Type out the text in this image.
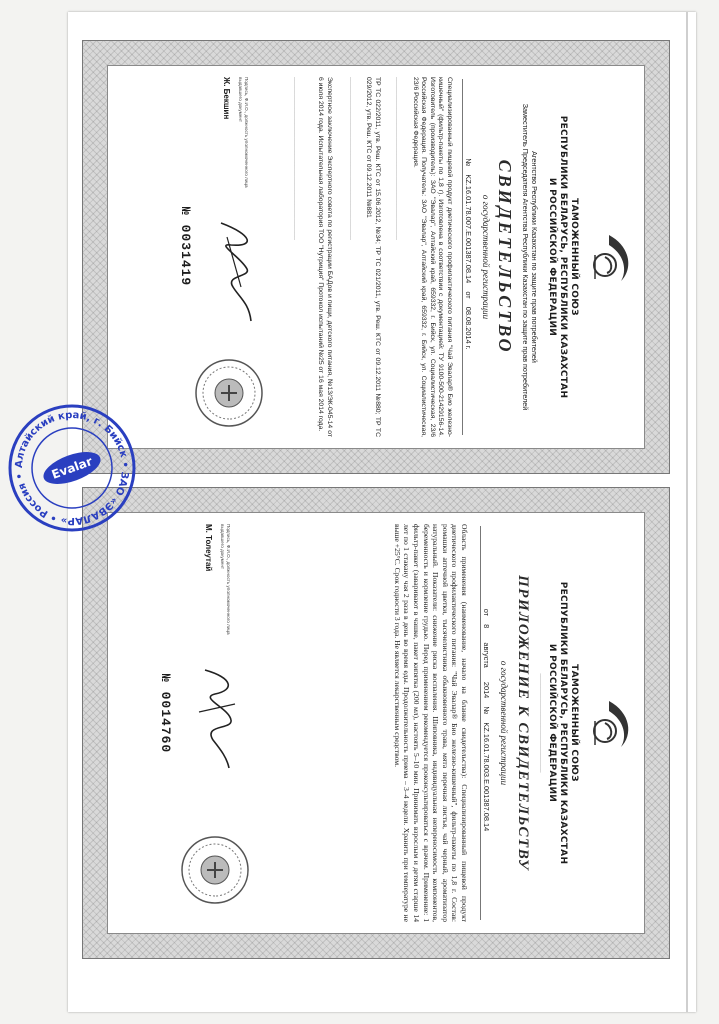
ТАМОЖЕННЫЙ СОЮЗ
РЕСПУБЛИКИ БЕЛАРУСЬ, РЕСПУБЛИКИ КАЗАХСТАН
И РОССИЙСКОЙ ФЕДЕРАЦИИ
Агентство Республики Казахстан по защите прав потребителей
Заместитель Председателя Агентства Республики Казахстан по защите прав потребителей
СВИДЕТЕЛЬСТВО
о государственной регистрации
№ KZ.16.01.78.007.E.001387.08.14 от 08.08.2014 г.
Специализированный пищевой продукт диетического профилактического питания "Чай Эвалар® Био железно-кишечный" (фильтр-пакеты по 1,8 г). Изготовлена в соответствии с документацией: ТУ 9100-500-21429156-14. Изготовитель (производитель): ЗАО "Эвалар", Алтайский край, 659332, г. Бийск, ул. Социалистическая, 23/6 Российская Федерация. Получатель: ЗАО "Эвалар", Алтайский край, 659332, г. Бийск, ул. Социалистическая, 23/6 Российская Федерация.
──────────────────────────────────────────────
ТР ТС 022/2011, утв. Реш. КТС от 15.06.2012, №34; ТР ТС 021/2011, утв. Реш. КТС от 09.12.2011 №880; ТР ТС 029/2012, утв. Реш. КТС от 09.12.2011 №881
──────────────────────────────────────────────
Экспертное заключение Экспертного совета по регистрации БАДов и пищи, детского питания, №13/ЭК-045-14 от 6 июля 2014 года. Испытательная лаборатория ТОО "Нутриция" Протокол испытаний №25 от 16 мая 2014 года.
──────────────────────────────────────────────
Подпись, Ф.И.О., должность уполномоченного лица выдавшего документ
Ж. Бекшин
№ 0031419
ТАМОЖЕННЫЙ СОЮЗ
РЕСПУБЛИКИ БЕЛАРУСЬ, РЕСПУБЛИКИ КАЗАХСТАН
И РОССИЙСКОЙ ФЕДЕРАЦИИ
────────────────────────────
ПРИЛОЖЕНИЕ К СВИДЕТЕЛЬСТВУ
о государственной регистрации
от 8 августа 2014 № KZ.16.01.78.003.E.001387.08.14
Область применения (наименование, начало на бланке свидетельства): Специализированный пищевой продукт диетического профилактического питания: "Чай Эвалар® Био железно-кишечный", фильтр-пакеты по 1,8 г. Состав: ромашки аптечной цветки, тысячелистника обыкновенного трава, мята перечная листья, чай черный, ароматизатор натуральный. Показатели: снижение риска воспаления. Шиповника, индивидуальная непереносимость компонентов, беременность и кормление грудью. Перед применением рекомендуется проконсультироваться с врачом. Применение: 1 фильтр-пакет (заваривают в чашке, пакет кипятка (200 мл), настоять 5–10 мин. Принимать взрослым и детям старше 14 лет по 1 стакану чая 2 раза в день во время еды. Продолжительность приема – 3–4 недели. Хранить при температуре не выше +25°С. Срок годности 3 года. Не является лекарственным средством.
Подпись, Ф.И.О., должность уполномоченного лица выдавшего документ
М. Толеутай
№ 0014760
Алтайский край, г. Бийск • ЗАО «ЭВАЛАР» • Россия •	Evalar
